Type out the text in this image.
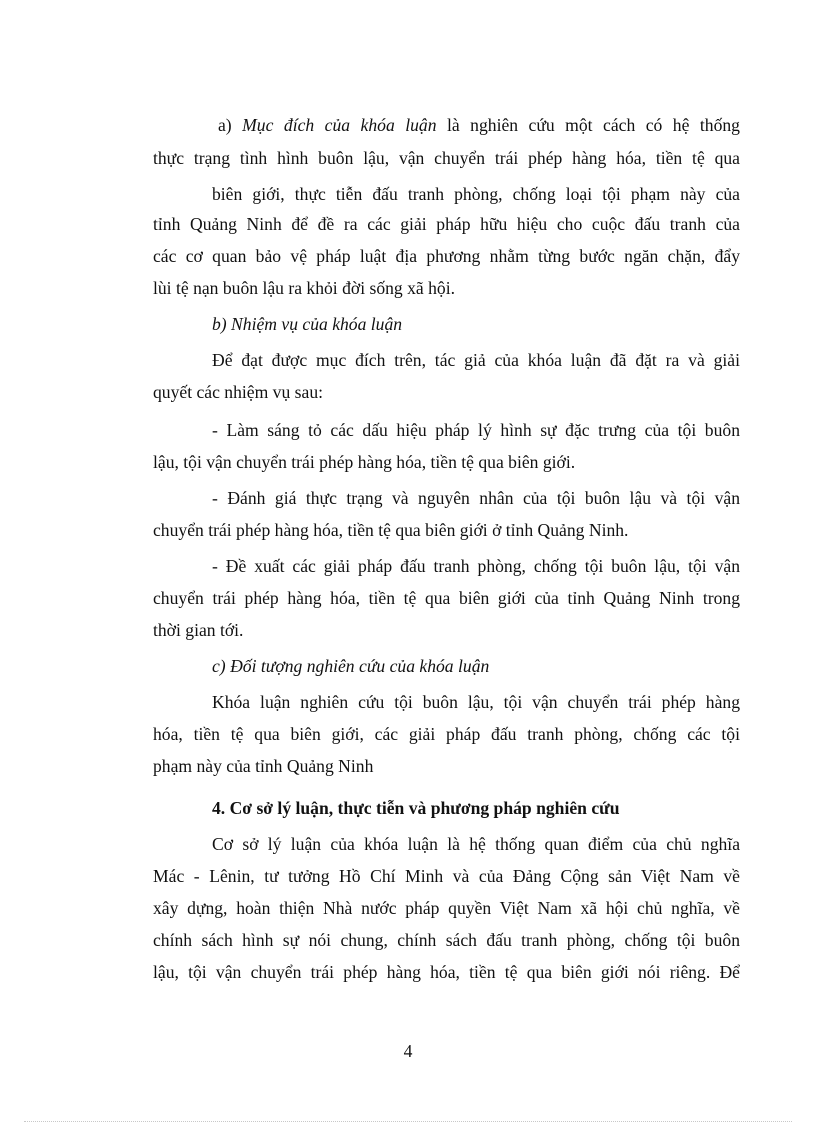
a) Mục đích của khóa luận là nghiên cứu một cách có hệ thống
thực trạng tình hình buôn lậu, vận chuyển trái phép hàng hóa, tiền tệ qua
biên giới, thực tiễn đấu tranh phòng, chống loại tội phạm này của
tỉnh Quảng Ninh để đề ra các giải pháp hữu hiệu cho cuộc đấu tranh của
các cơ quan bảo vệ pháp luật địa phương nhằm từng bước ngăn chặn, đẩy
lùi tệ nạn buôn lậu ra khỏi đời sống xã hội.
b) Nhiệm vụ của khóa luận
Để đạt được mục đích trên, tác giả của khóa luận đã đặt ra và giải
quyết các nhiệm vụ sau:
- Làm sáng tỏ các dấu hiệu pháp lý hình sự đặc trưng của tội buôn
lậu, tội vận chuyển trái phép hàng hóa, tiền tệ qua biên giới.
- Đánh giá thực trạng và nguyên nhân của tội buôn lậu và tội vận
chuyển trái phép hàng hóa, tiền tệ qua biên giới ở tỉnh Quảng Ninh.
- Đề xuất các giải pháp đấu tranh phòng, chống tội buôn lậu, tội vận
chuyển trái phép hàng hóa, tiền tệ qua biên giới của tỉnh Quảng Ninh trong
thời gian tới.
c) Đối tượng nghiên cứu của khóa luận
Khóa luận nghiên cứu tội buôn lậu, tội vận chuyển trái phép hàng
hóa, tiền tệ qua biên giới, các giải pháp đấu tranh phòng, chống các tội
phạm này của tỉnh Quảng Ninh
4. Cơ sở lý luận, thực tiễn và phương pháp nghiên cứu
Cơ sở lý luận của khóa luận là hệ thống quan điểm của chủ nghĩa
Mác - Lênin, tư tưởng Hồ Chí Minh và của Đảng Cộng sản Việt Nam về
xây dựng, hoàn thiện Nhà nước pháp quyền Việt Nam xã hội chủ nghĩa, về
chính sách hình sự nói chung, chính sách đấu tranh phòng, chống tội buôn
lậu, tội vận chuyển trái phép hàng hóa, tiền tệ qua biên giới nói riêng. Để
4
